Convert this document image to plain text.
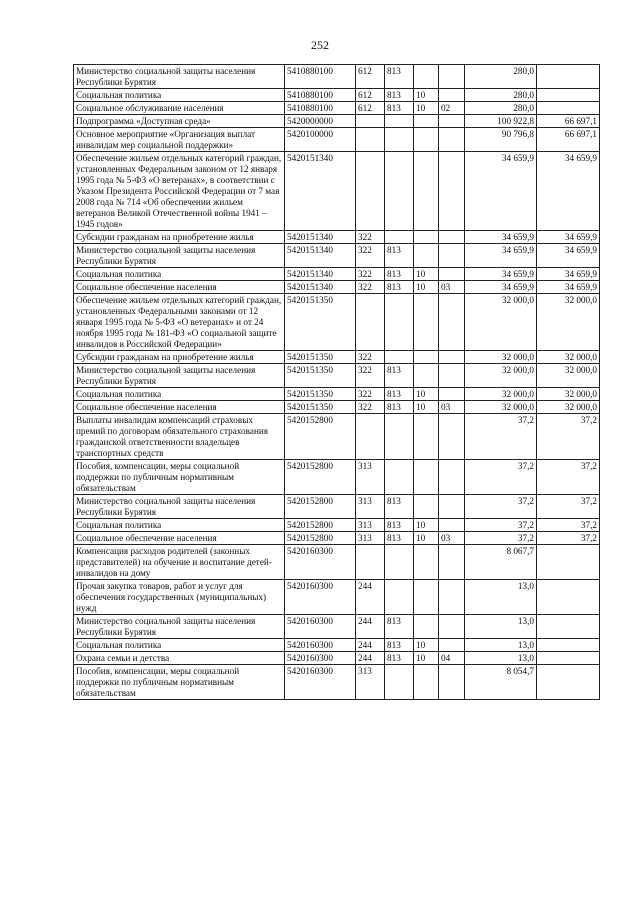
252
Министерство социальной защиты населения Республики Бурятия	5410880100	612	813			280,0	
Социальная политика	5410880100	612	813	10		280,0	
Социальное обслуживание населения	5410880100	612	813	10	02	280,0	
Подпрограмма «Доступная среда»	5420000000					100 922,8	66 697,1
Основное мероприятие «Организация выплат инвалидам мер социальной поддержки»	5420100000					90 796,8	66 697,1
Обеспечение жильем отдельных категорий граждан, установленных Федеральным законом от 12 января 1995 года № 5-ФЗ «О ветеранах», в соответствии с Указом Президента Российской Федерации от 7 мая 2008 года № 714 «Об обеспечении жильем ветеранов Великой Отечественной войны 1941 – 1945 годов»	5420151340					34 659,9	34 659,9
Субсидии гражданам на приобретение жилья	5420151340	322				34 659,9	34 659,9
Министерство социальной защиты населения Республики Бурятия	5420151340	322	813			34 659,9	34 659,9
Социальная политика	5420151340	322	813	10		34 659,9	34 659,9
Социальное обеспечение населения	5420151340	322	813	10	03	34 659,9	34 659,9
Обеспечение жильем отдельных категорий граждан, установленных Федеральными законами от 12 января 1995 года № 5-ФЗ «О ветеранах» и от 24 ноября 1995 года № 181-ФЗ «О социальной защите инвалидов в Российской Федерации»	5420151350					32 000,0	32 000,0
Субсидии гражданам на приобретение жилья	5420151350	322				32 000,0	32 000,0
Министерство социальной защиты населения Республики Бурятия	5420151350	322	813			32 000,0	32 000,0
Социальная политика	5420151350	322	813	10		32 000,0	32 000,0
Социальное обеспечение населения	5420151350	322	813	10	03	32 000,0	32 000,0
Выплаты инвалидам компенсаций страховых премий по договорам обязательного страхования гражданской ответственности владельцев транспортных средств	5420152800					37,2	37,2
Пособия, компенсации, меры социальной поддержки по публичным нормативным обязательствам	5420152800	313				37,2	37,2
Министерство социальной защиты населения Республики Бурятия	5420152800	313	813			37,2	37,2
Социальная политика	5420152800	313	813	10		37,2	37,2
Социальное обеспечение населения	5420152800	313	813	10	03	37,2	37,2
Компенсация расходов родителей (законных представителей) на обучение и воспитание детей-инвалидов на дому	5420160300					8 067,7	
Прочая закупка товаров, работ и услуг для обеспечения государственных (муниципальных) нужд	5420160300	244				13,0	
Министерство социальной защиты населения Республики Бурятия	5420160300	244	813			13,0	
Социальная политика	5420160300	244	813	10		13,0	
Охрана семьи и детства	5420160300	244	813	10	04	13,0	
Пособия, компенсации, меры социальной поддержки по публичным нормативным обязательствам	5420160300	313				8 054,7	
